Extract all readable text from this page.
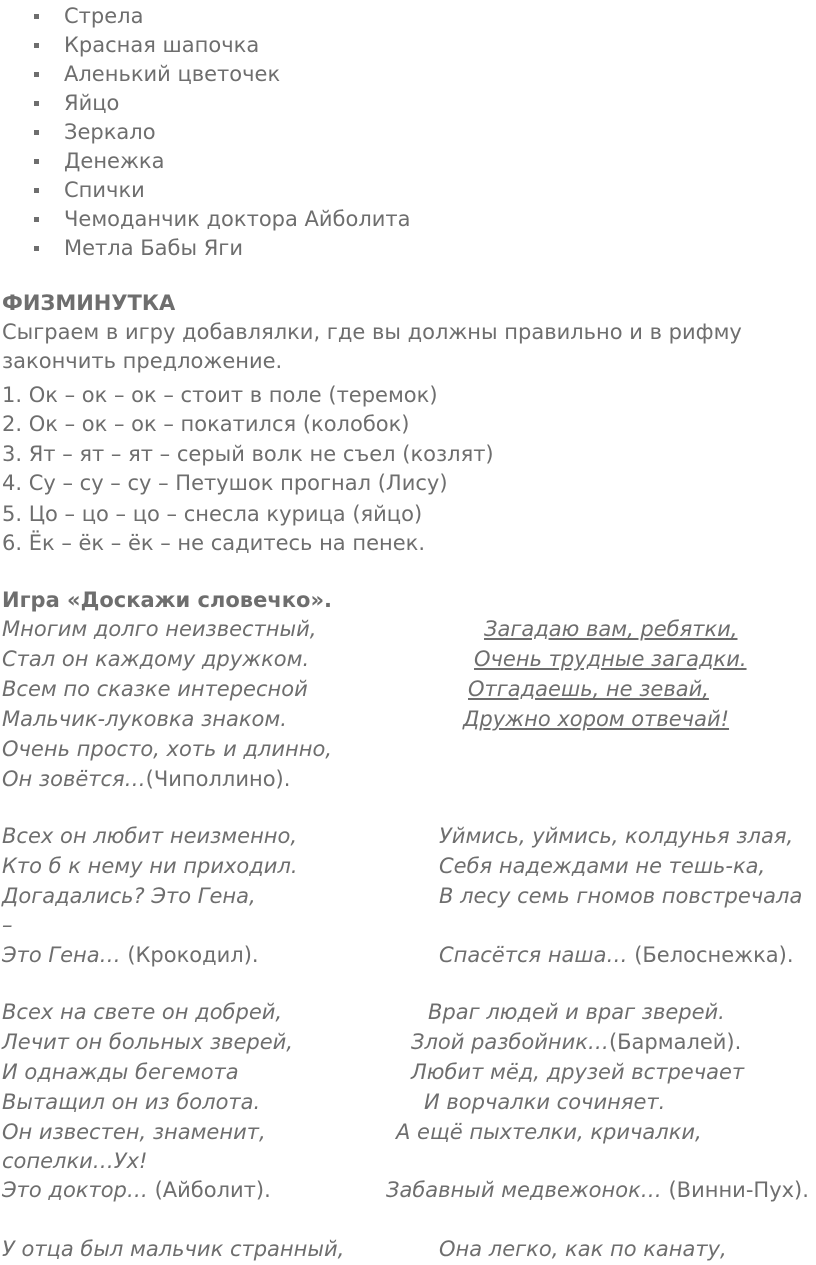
Стрела
Красная шапочка
Аленький цветочек
Яйцо
Зеркало
Денежка
Спички
Чемоданчик доктора Айболита
Метла Бабы Яги
ФИЗМИНУТКА
Сыграем в игру добавлялки, где вы должны правильно и в рифму
закончить предложение.
1. Ок – ок – ок – стоит в поле (теремок)
2. Ок – ок – ок – покатился (колобок)
3. Ят – ят – ят – серый волк не съел (козлят)
4. Су – су – су – Петушок прогнал (Лису)
5. Цо – цо – цо – снесла курица (яйцо)
6. Ёк – ёк – ёк – не садитесь на пенек.
Игра «Доскажи словечко».
Многим долго неизвестный,
Стал он каждому дружком.
Всем по сказке интересной
Мальчик-луковка знаком.
Очень просто, хоть и длинно,
Он зовётся…(Чиполлино).
Загадаю вам, ребятки,
Очень трудные загадки.
Отгадаешь, не зевай,
Дружно хором отвечай!
Всех он любит неизменно,
Кто б к нему ни приходил.
Догадались? Это Гена,
–
Это Гена… (Крокодил).
Уймись, уймись, колдунья злая,
Себя надеждами не тешь-ка,
В лесу семь гномов повстречала
Спасётся наша… (Белоснежка).
Всех на свете он добрей,
Лечит он больных зверей,
И однажды бегемота
Вытащил он из болота.
Он известен, знаменит,
сопелки…Ух!
Это доктор… (Айболит).
Враг людей и враг зверей.
Злой разбойник…(Бармалей).
Любит мёд, друзей встречает
И ворчалки сочиняет.
А ещё пыхтелки, кричалки,
Забавный медвежонок… (Винни-Пух).
У отца был мальчик странный,	Она легко, как по канату,
